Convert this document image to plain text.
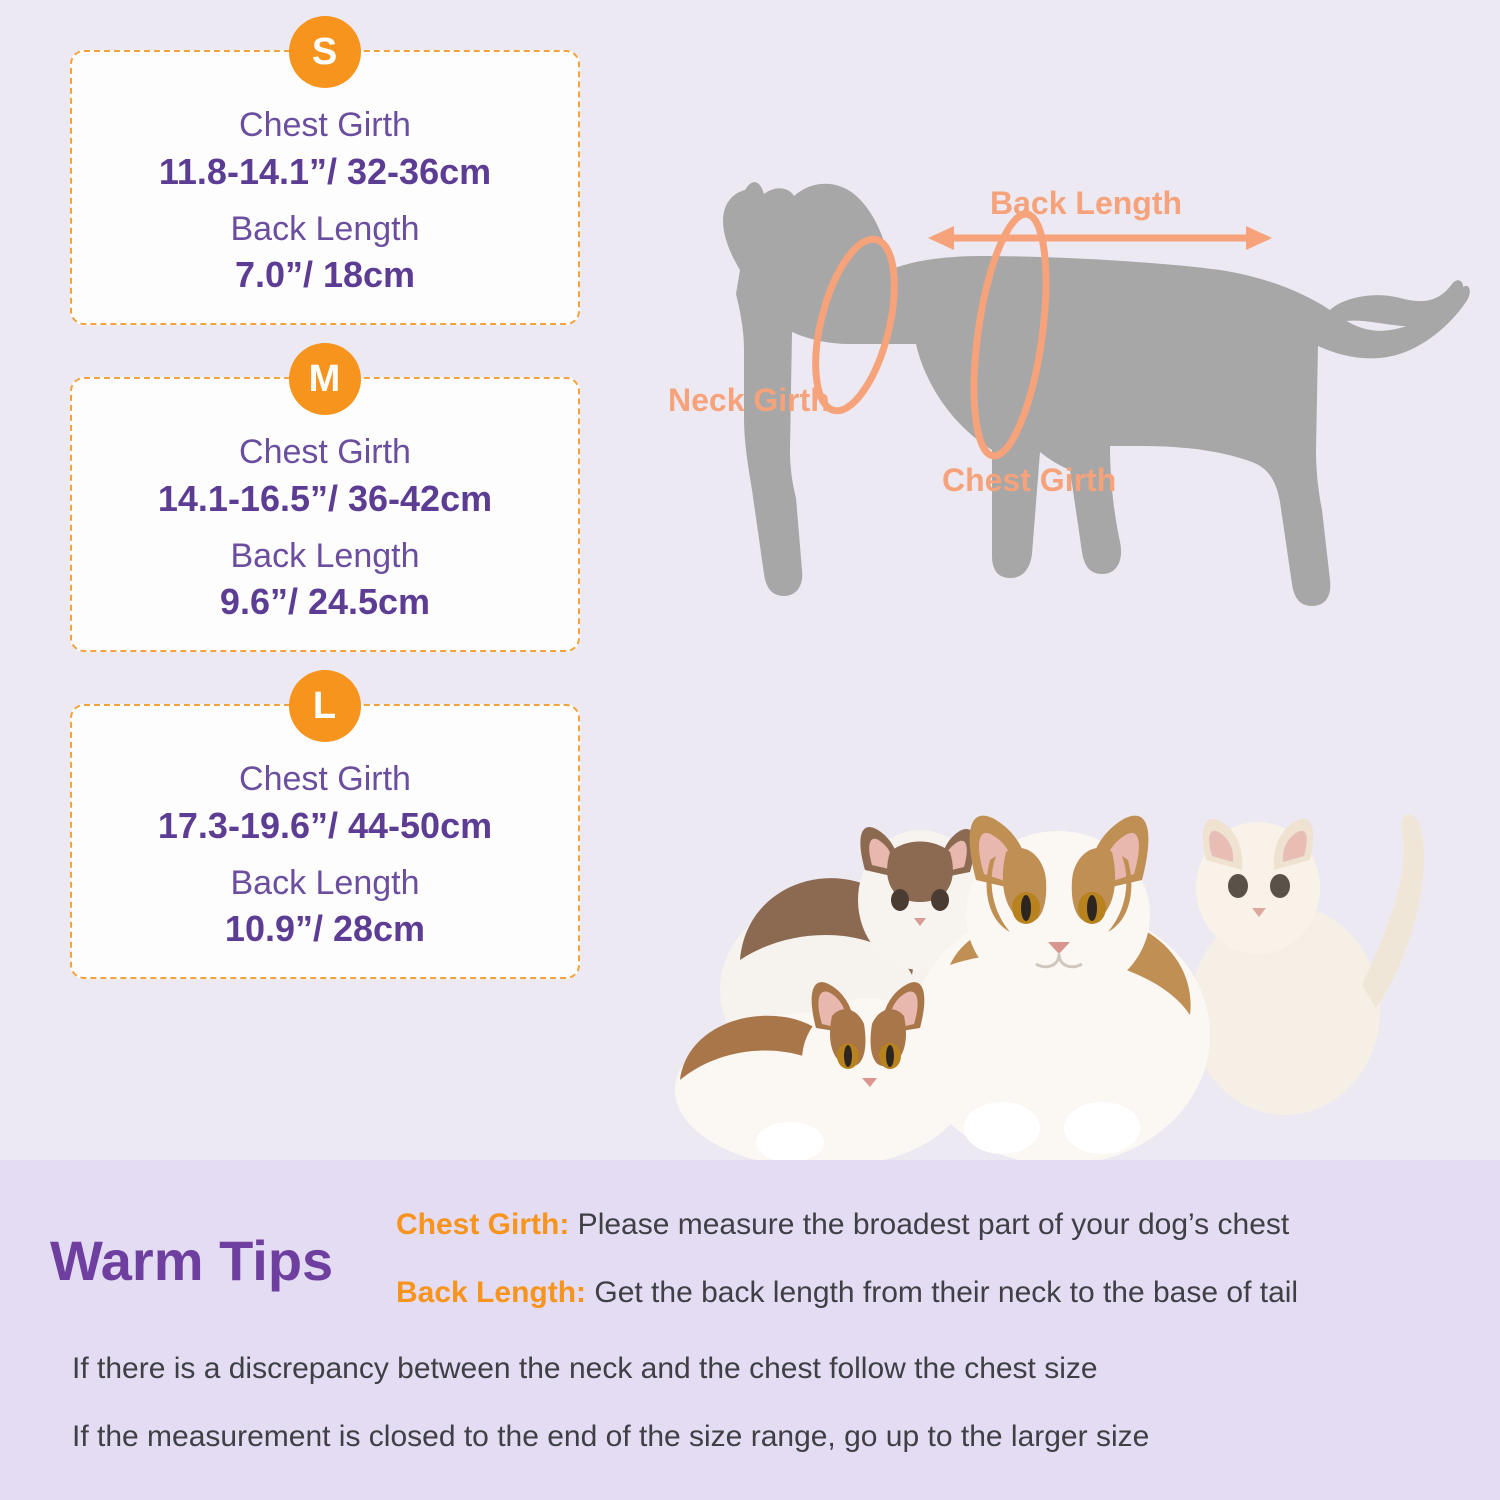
S
Chest Girth
11.8-14.1”/ 32-36cm
Back Length
7.0”/ 18cm
M
Chest Girth
14.1-16.5”/ 36-42cm
Back Length
9.6”/ 24.5cm
L
Chest Girth
17.3-19.6”/ 44-50cm
Back Length
10.9”/ 28cm
Back Length
Neck Girth
Chest Girth
Warm Tips
Chest Girth: Please measure the broadest part of your dog’s chest
Back Length: Get the back length from their neck to the base of tail
If there is a discrepancy between the neck and the chest follow the chest size
If the measurement is closed to the end of the size range, go up to the larger size
